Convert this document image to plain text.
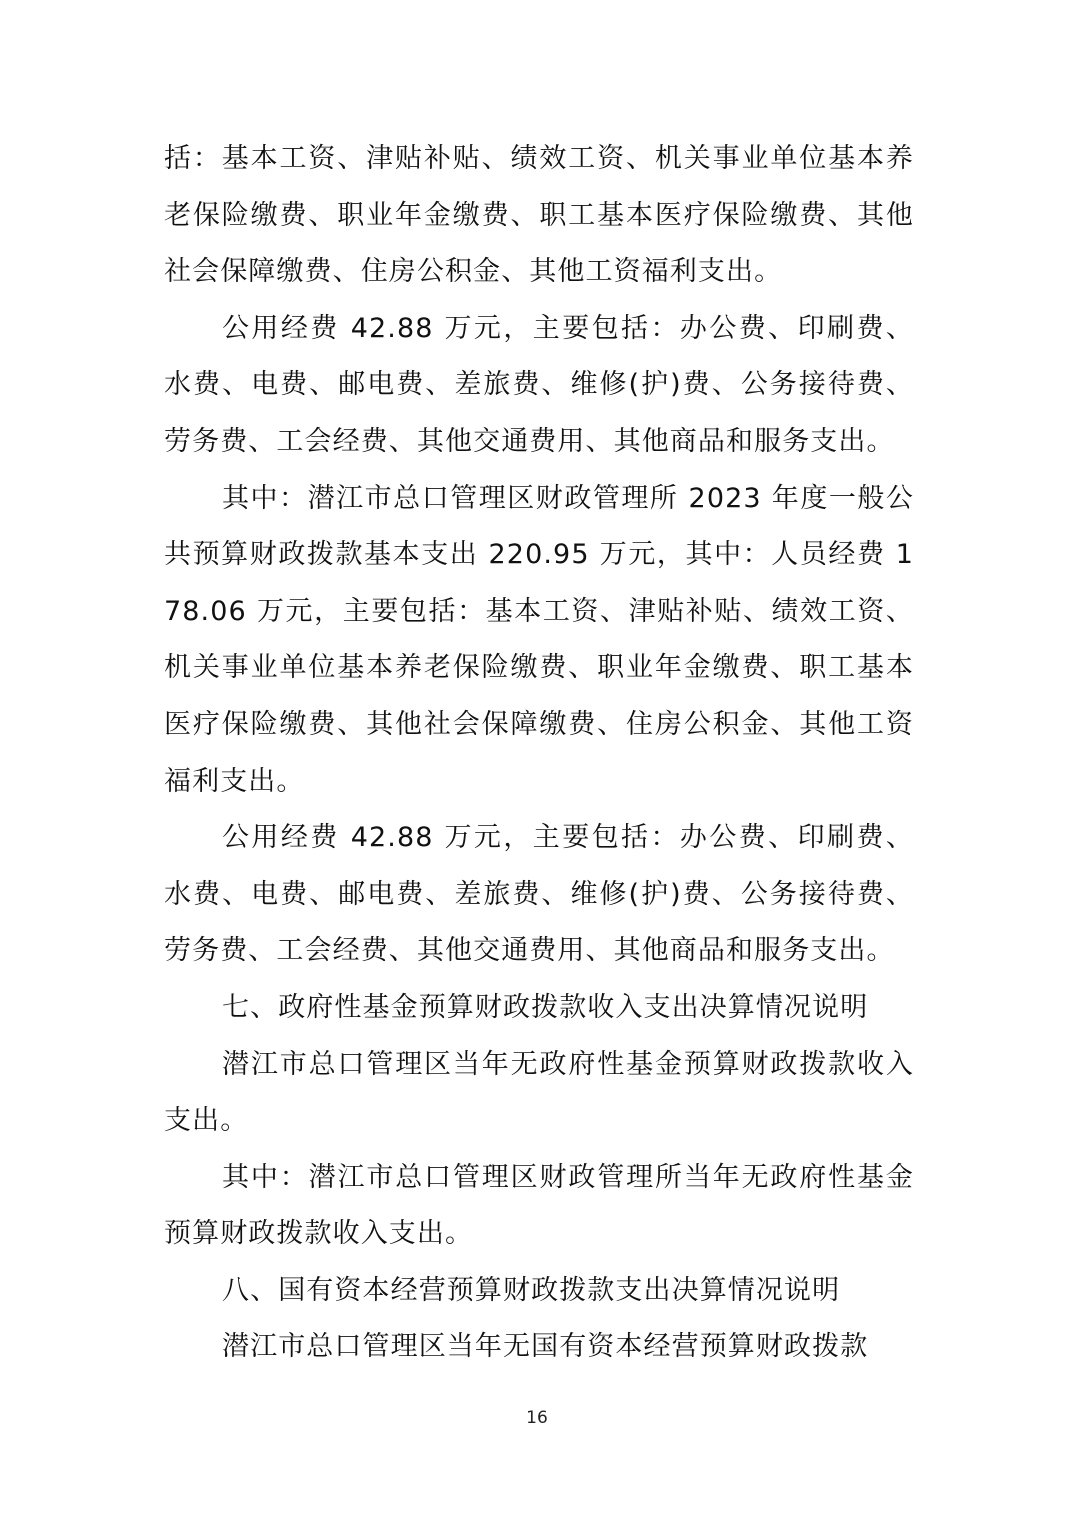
括：基本工资、津贴补贴、绩效工资、机关事业单位基本养老保险缴费、职业年金缴费、职工基本医疗保险缴费、其他社会保障缴费、住房公积金、其他工资福利支出。

公用经费 42.88 万元，主要包括：办公费、印刷费、水费、电费、邮电费、差旅费、维修(护)费、公务接待费、劳务费、工会经费、其他交通费用、其他商品和服务支出。

其中：潜江市总口管理区财政管理所 2023 年度一般公共预算财政拨款基本支出 220.95 万元，其中：人员经费 178.06 万元，主要包括：基本工资、津贴补贴、绩效工资、机关事业单位基本养老保险缴费、职业年金缴费、职工基本医疗保险缴费、其他社会保障缴费、住房公积金、其他工资福利支出。

公用经费 42.88 万元，主要包括：办公费、印刷费、水费、电费、邮电费、差旅费、维修(护)费、公务接待费、劳务费、工会经费、其他交通费用、其他商品和服务支出。

七、政府性基金预算财政拨款收入支出决算情况说明

潜江市总口管理区当年无政府性基金预算财政拨款收入支出。

其中：潜江市总口管理区财政管理所当年无政府性基金预算财政拨款收入支出。

八、国有资本经营预算财政拨款支出决算情况说明

潜江市总口管理区当年无国有资本经营预算财政拨款

16
